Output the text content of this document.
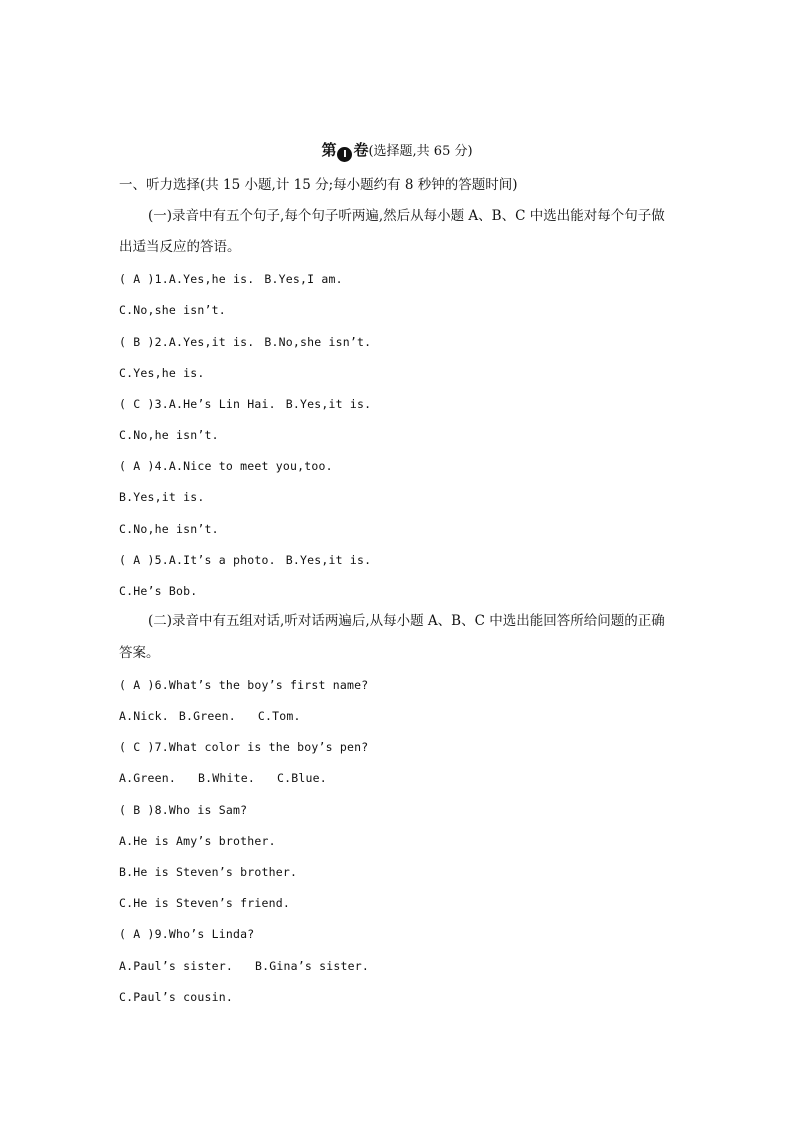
第 Ⅰ 卷(选择题,共 65 分)
一、听力选择(共 15 小题,计 15 分;每小题约有 8 秒钟的答题时间)
(一)录音中有五个句子,每个句子听两遍,然后从每小题 A、B、C 中选出能对每个句子做
出适当反应的答语。
( A )1.A.Yes,he is. B.Yes,I am.
C.No,she isn’t.
( B )2.A.Yes,it is. B.No,she isn’t.
C.Yes,he is.
( C )3.A.He’s Lin Hai. B.Yes,it is.
C.No,he isn’t.
( A )4.A.Nice to meet you,too.
B.Yes,it is.
C.No,he isn’t.
( A )5.A.It’s a photo. B.Yes,it is.
C.He’s Bob.
(二)录音中有五组对话,听对话两遍后,从每小题 A、B、C 中选出能回答所给问题的正确
答案。
( A )6.What’s the boy’s first name?
A.Nick. B.Green. C.Tom.
( C )7.What color is the boy’s pen?
A.Green. B.White. C.Blue.
( B )8.Who is Sam?
A.He is Amy’s brother.
B.He is Steven’s brother.
C.He is Steven’s friend.
( A )9.Who’s Linda?
A.Paul’s sister. B.Gina’s sister.
C.Paul’s cousin.
